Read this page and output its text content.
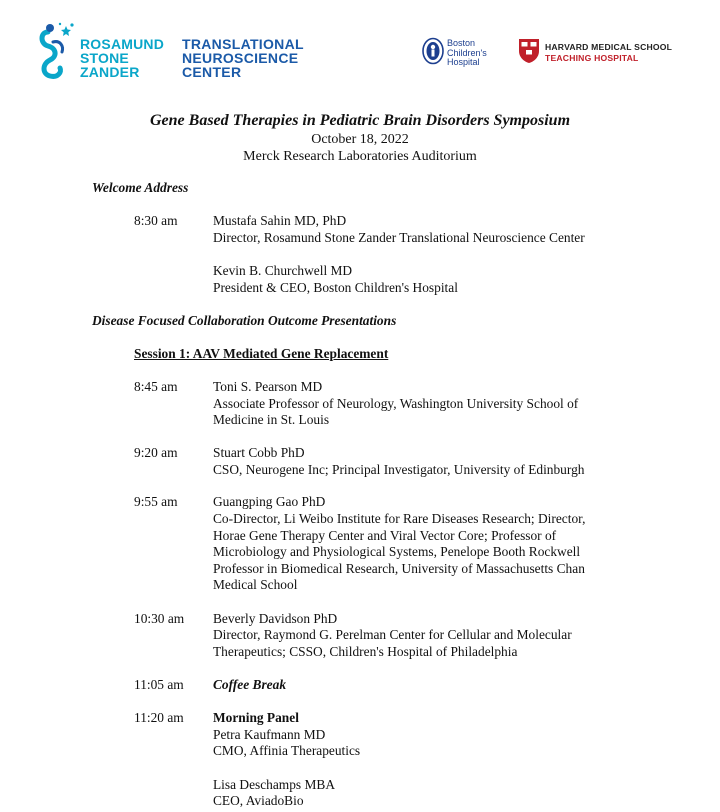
ROSAMUND
STONE
ZANDER
TRANSLATIONAL
NEUROSCIENCE
CENTER
Boston
Children's
Hospital
HARVARD MEDICAL SCHOOL
TEACHING HOSPITAL
Gene Based Therapies in Pediatric Brain Disorders Symposium
October 18, 2022
Merck Research Laboratories Auditorium
Welcome Address
8:30 am	Mustafa Sahin MD, PhD
Director, Rosamund Stone Zander Translational Neuroscience Center
Kevin B. Churchwell MD
President & CEO, Boston Children's Hospital
Disease Focused Collaboration Outcome Presentations
Session 1: AAV Mediated Gene Replacement
8:45 am	Toni S. Pearson MD
Associate Professor of Neurology, Washington University School of
Medicine in St. Louis
9:20 am	Stuart Cobb PhD
CSO, Neurogene Inc; Principal Investigator, University of Edinburgh
9:55 am	Guangping Gao PhD
Co-Director, Li Weibo Institute for Rare Diseases Research; Director,
Horae Gene Therapy Center and Viral Vector Core; Professor of
Microbiology and Physiological Systems, Penelope Booth Rockwell
Professor in Biomedical Research, University of Massachusetts Chan
Medical School
10:30 am Beverly Davidson PhD
Director, Raymond G. Perelman Center for Cellular and Molecular
Therapeutics; CSSO, Children's Hospital of Philadelphia
11:05 am Coffee Break
11:20 am Morning Panel
Petra Kaufmann MD
CMO, Affinia Therapeutics
Lisa Deschamps MBA
CEO, AviadoBio
